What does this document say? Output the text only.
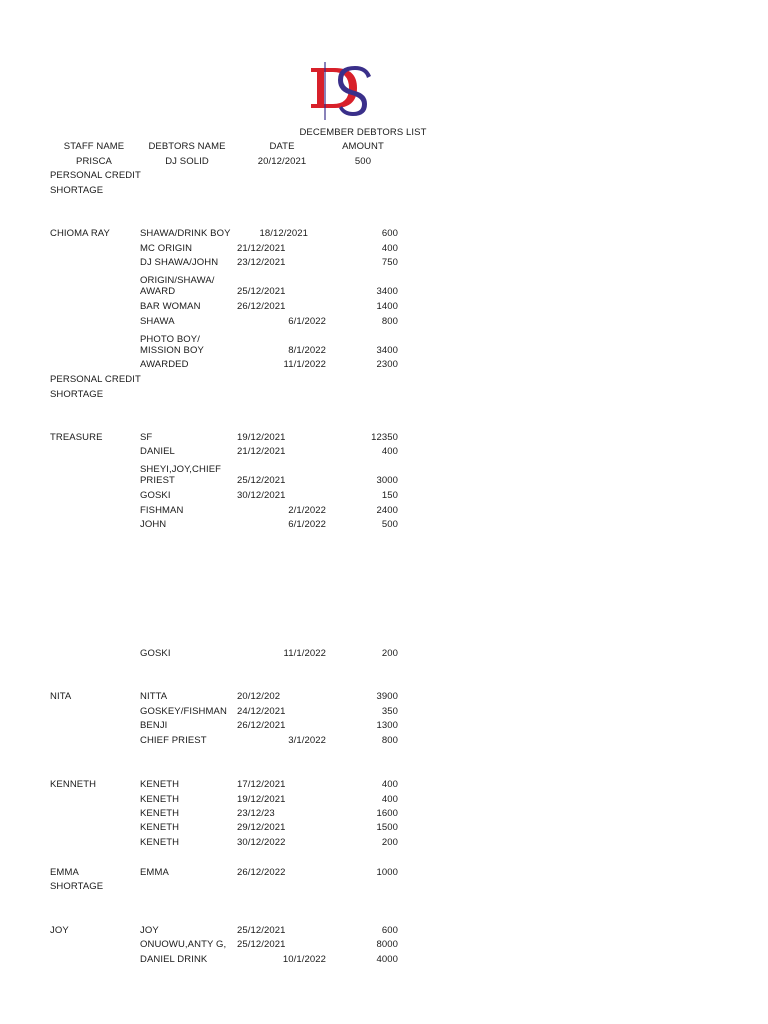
DECEMBER DEBTORS LIST
STAFF NAME	DEBTORS NAME	DATE	AMOUNT
PRISCA	DJ SOLID	20/12/2021	500
PERSONAL CREDIT
SHORTAGE
CHIOMA RAY	SHAWA/DRINK BOY	18/12/2021	600
MC ORIGIN	21/12/2021	400
DJ SHAWA/JOHN 23/12/2021	750
ORIGIN/SHAWA/
AWARD	25/12/2021	3400
BAR WOMAN	26/12/2021	1400
SHAWA	6/1/2022	800
PHOTO BOY/
MISSION BOY	8/1/2022	3400
AWARDED	11/1/2022	2300
PERSONAL CREDIT
SHORTAGE
TREASURE	SF	19/12/2021	12350
DANIEL	21/12/2021	400
SHEYI,JOY,CHIEF
PRIEST	25/12/2021	3000
GOSKI	30/12/2021	150
FISHMAN	2/1/2022	2400
JOHN	6/1/2022	500
GOSKI	11/1/2022	200
NITA	NITTA	20/12/202	3900
GOSKEY/FISHMAN 24/12/2021	350
BENJI	26/12/2021	1300
CHIEF PRIEST	3/1/2022	800
KENNETH	KENETH	17/12/2021	400
KENETH	19/12/2021	400
KENETH	23/12/23	1600
KENETH	29/12/2021	1500
KENETH	30/12/2022	200
EMMA	EMMA	26/12/2022	1000
SHORTAGE
JOY	JOY	25/12/2021	600
ONUOWU,ANTY G, 25/12/2021	8000
DANIEL DRINK	10/1/2022	4000
